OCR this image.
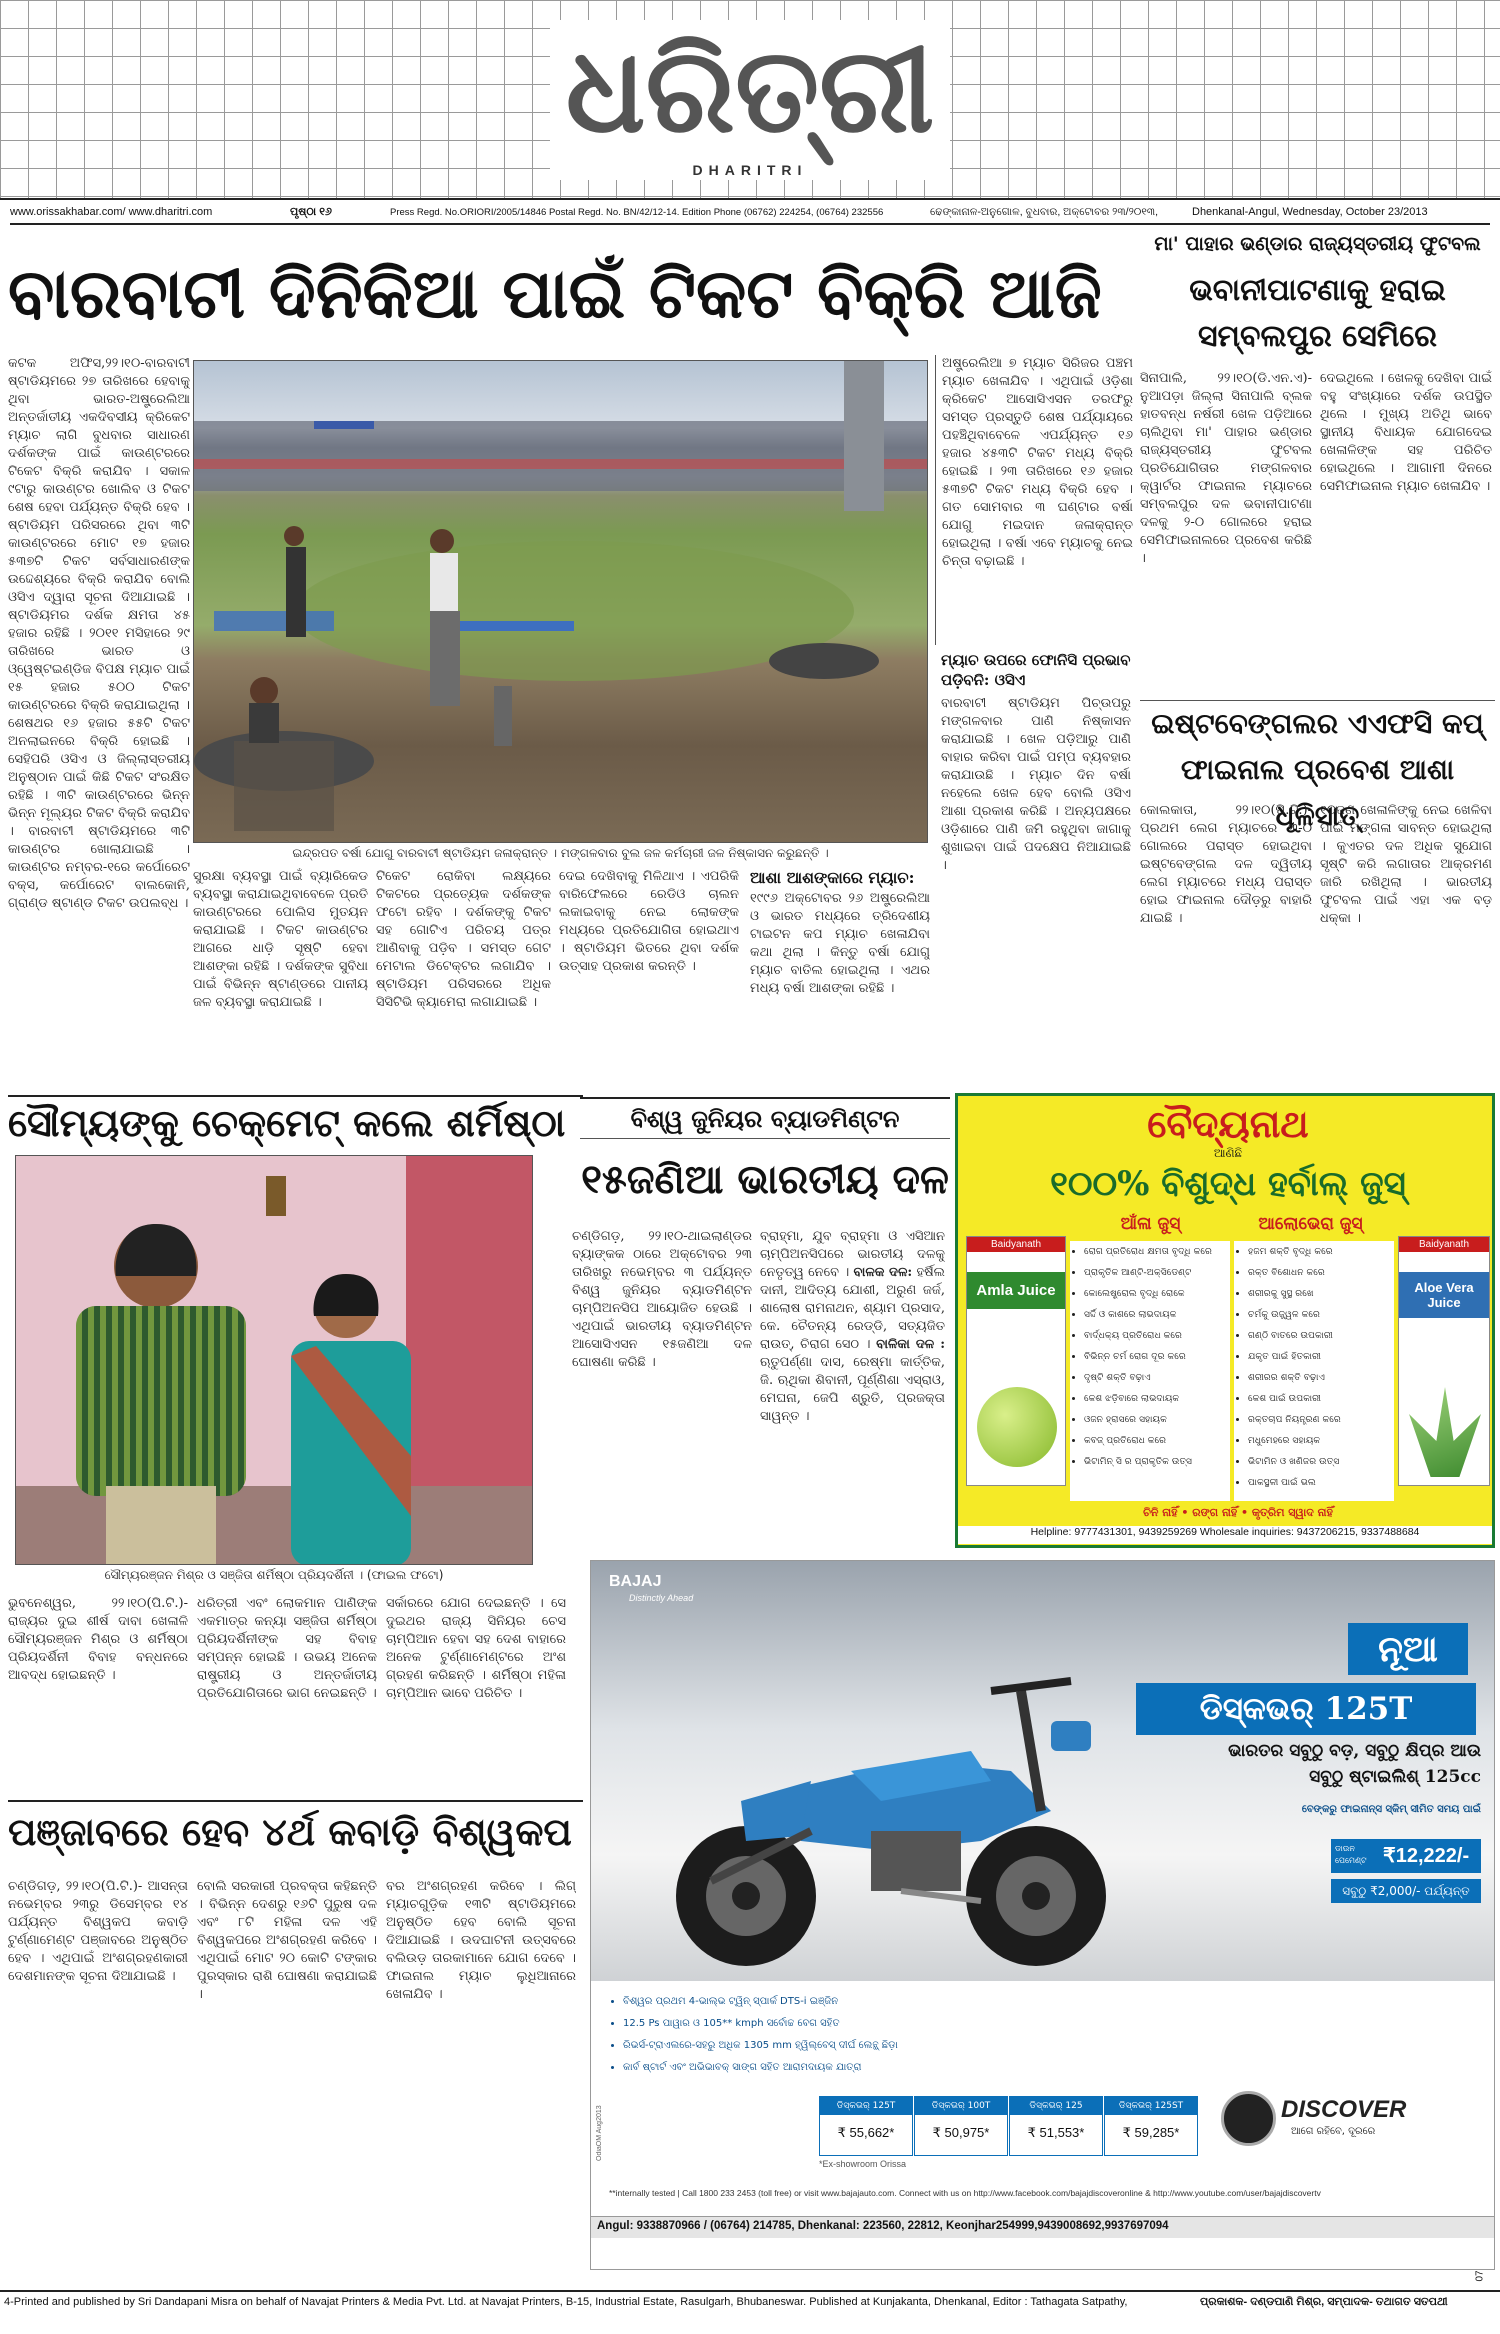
ଧରିତ୍ରୀ
DHARITRI
www.orissakhabar.com/ www.dharitri.com	ପୃଷ୍ଠା ୧୬	Press Regd. No.ORIORI/2005/14846 Postal Regd. No. BN/42/12-14. Edition Phone (06762) 224254, (06764) 232556	ଢେଙ୍କାନାଳ-ଅନୁଗୋଳ, ବୁଧବାର, ଅକ୍ଟୋବର ୨୩/୨୦୧୩,	Dhenkanal-Angul, Wednesday, October 23/2013
ବାରବାଟୀ ଦିନିକିଆ ପାଇଁ ଟିକଟ ବିକ୍ରି ଆଜି
କଟକ ଅଫିସ,୨୨।୧୦-ବାରବାଟୀ ଷ୍ଟାଡିୟମରେ ୨୭ ତାରିଖରେ ହେବାକୁ ଥିବା ଭାରତ-ଅଷ୍ଟ୍ରେଲିଆ ଅନ୍ତର୍ଜାତୀୟ ଏକଦିବସୀୟ କ୍ରିକେଟ ମ୍ୟାଚ ଲାଗି ବୁଧବାର ସାଧାରଣ ଦର୍ଶକଙ୍କ ପାଇଁ କାଉଣ୍ଟରରେ ଟିକେଟ ବିକ୍ରି କରାଯିବ । ସକାଳ ୯ଟାରୁ କାଉଣ୍ଟର ଖୋଲିବ ଓ ଟିକଟ ଶେଷ ହେବା ପର୍ଯ୍ୟନ୍ତ ବିକ୍ରି ହେବ । ଷ୍ଟାଡିୟମ ପରିସରରେ ଥିବା ୩ଟି କାଉଣ୍ଟରରେ ମୋଟ ୧୭ ହଜାର ୫୩୭ଟି ଟିକଟ ସର୍ବସାଧାରଣଙ୍କ ଉଦ୍ଦେଶ୍ୟରେ ବିକ୍ରି କରାଯିବ ବୋଲି ଓସିଏ ଦ୍ୱାରା ସୂଚନା ଦିଆଯାଇଛି । ଷ୍ଟାଡିୟମର ଦର୍ଶକ କ୍ଷମତା ୪୫ ହଜାର ରହିଛି । ୨୦୧୧ ମସିହାରେ ୨୯ ତାରିଖରେ ଭାରତ ଓ ଓ୍ୱେଷ୍ଟଇଣ୍ଡିଜ ବିପକ୍ଷ ମ୍ୟାଚ ପାଇଁ ୧୫ ହଜାର ୫୦୦ ଟିକଟ କାଉଣ୍ଟରରେ ବିକ୍ରି କରାଯାଇଥିଲା । ଶେଷଥର ୧୬ ହଜାର ୫୫ଟି ଟିକଟ ଅନଲାଇନରେ ବିକ୍ରି ହୋଇଛି । ସେହିପରି ଓସିଏ ଓ ଜିଲ୍ଲାସ୍ତରୀୟ ଅନୁଷ୍ଠାନ ପାଇଁ କିଛି ଟିକଟ ସଂରକ୍ଷିତ ରହିଛି । ୩ଟି କାଉଣ୍ଟରରେ ଭିନ୍ନ ଭିନ୍ନ ମୂଲ୍ୟର ଟିକଟ ବିକ୍ରି କରାଯିବ । ବାରବାଟୀ ଷ୍ଟାଡିୟମରେ ୩ଟି କାଉଣ୍ଟର ଖୋଲାଯାଇଛି । କାଉଣ୍ଟର ନମ୍ବର-୧ରେ କର୍ପୋରେଟ ବକ୍ସ, କର୍ପୋରେଟ ବାଲକୋନି, ଗ୍ରାଣ୍ଡ ଷ୍ଟାଣ୍ଡ ଟିକଟ ଉପଲବ୍ଧ ।
ଇନ୍ଦ୍ରପତ ବର୍ଷା ଯୋଗୁ ବାରବାଟୀ ଷ୍ଟାଡିୟମ ଜଳାକ୍ରାନ୍ତ । ମଙ୍ଗଳବାର ବୁଲ ଜଳ କର୍ମଚାରୀ ଜଳ ନିଷ୍କାସନ କରୁଛନ୍ତି ।
ଅଷ୍ଟ୍ରେଲିଆ ୭ ମ୍ୟାଚ ସିରିଜର ପଞ୍ଚମ ମ୍ୟାଚ ଖେଳାଯିବ । ଏଥିପାଇଁ ଓଡ଼ିଶା କ୍ରିକେଟ ଆସୋସିଏସନ ତରଫରୁ ସମସ୍ତ ପ୍ରସ୍ତୁତି ଶେଷ ପର୍ଯ୍ୟାୟରେ ପହଞ୍ଚିଥିବାବେଳେ ଏପର୍ଯ୍ୟନ୍ତ ୧୬ ହଜାର ୪୫୩ଟି ଟିକଟ ମଧ୍ୟ ବିକ୍ରି ହୋଇଛି । ୨୩ ତାରିଖରେ ୧୬ ହଜାର ୫୩୭ଟି ଟିକଟ ମଧ୍ୟ ବିକ୍ରି ହେବ । ଗତ ସୋମବାର ୩ ଘଣ୍ଟାର ବର୍ଷା ଯୋଗୁ ମଇଦାନ ଜଳାକ୍ରାନ୍ତ ହୋଇଥିଲା । ବର୍ଷା ଏବେ ମ୍ୟାଚକୁ ନେଇ ଚିନ୍ତା ବଢ଼ାଇଛି ।
ମ୍ୟାଚ ଉପରେ ଫୋନିସି ପ୍ରଭାବ ପଡ଼ିବନି: ଓସିଏ
ବାରବାଟୀ ଷ୍ଟାଡିୟମ ପିଚ୍‌ଉପରୁ ମଙ୍ଗଳବାର ପାଣି ନିଷ୍କାସନ କରାଯାଇଛି । ଖେଳ ପଡ଼ିଆରୁ ପାଣି ବାହାର କରିବା ପାଇଁ ପମ୍ପ ବ୍ୟବହାର କରାଯାଉଛି । ମ୍ୟାଚ ଦିନ ବର୍ଷା ନହେଲେ ଖେଳ ହେବ ବୋଲି ଓସିଏ ଆଶା ପ୍ରକାଶ କରିଛି । ଅନ୍ୟପକ୍ଷରେ ଓଡ଼ିଶାରେ ପାଣି ଜମି ରହୁଥିବା ଜାଗାକୁ ଶୁଖାଇବା ପାଇଁ ପଦକ୍ଷେପ ନିଆଯାଇଛି ।
ସୁରକ୍ଷା ବ୍ୟବସ୍ଥା ପାଇଁ ବ୍ୟାରିକେଡ ବ୍ୟବସ୍ଥା କରାଯାଇଥିବାବେଳେ ପ୍ରତି କାଉଣ୍ଟରରେ ପୋଲିସ ମୁତୟନ କରାଯାଇଛି । ଟିକଟ କାଉଣ୍ଟର ଆଗରେ ଧାଡ଼ି ସୃଷ୍ଟି ହେବା ଆଶଙ୍କା ରହିଛି । ଦର୍ଶକଙ୍କ ସୁବିଧା ପାଇଁ ବିଭିନ୍ନ ଷ୍ଟାଣ୍ଡରେ ପାନୀୟ ଜଳ ବ୍ୟବସ୍ଥା କରାଯାଇଛି ।
ଟିକେଟ ରୋକିବା ଲକ୍ଷ୍ୟରେ ଟିକଟରେ ପ୍ରତ୍ୟେକ ଦର୍ଶକଙ୍କ ଫଟୋ ରହିବ । ଦର୍ଶକଙ୍କୁ ଟିକଟ ସହ ଗୋଟିଏ ପରିଚୟ ପତ୍ର ଆଣିବାକୁ ପଡ଼ିବ । ସମସ୍ତ ଗେଟ ମେଟାଲ ଡିଟେକ୍ଟର ଲଗାଯିବ । ଷ୍ଟାଡିୟମ ପରିସରରେ ଅଧିକ ସିସିଟିଭି କ୍ୟାମେରା ଲଗାଯାଇଛି ।
ଦେଇ ଦେଖିବାକୁ ମିଳିଥାଏ । ଏପରିକି ବାରିଫେଲରେ ରେଡିଓ ଚାଲନ ଲକାଇବାକୁ ନେଇ ଲୋକଙ୍କ ମଧ୍ୟରେ ପ୍ରତିଯୋଗିତା ହୋଇଥାଏ । ଷ୍ଟାଡିୟମ ଭିତରେ ଥିବା ଦର୍ଶକ ଉତ୍ସାହ ପ୍ରକାଶ କରନ୍ତି ।
ଆଶା ଆଶଙ୍କାରେ ମ୍ୟାଚ:
୧୯୯୬ ଅକ୍ଟୋବର ୨୬ ଅଷ୍ଟ୍ରେଲିଆ ଓ ଭାରତ ମଧ୍ୟରେ ତ୍ରିଦେଶୀୟ ଟାଇଟନ କପ ମ୍ୟାଚ ଖେଳାଯିବା କଥା ଥିଲା । କିନ୍ତୁ ବର୍ଷା ଯୋଗୁ ମ୍ୟାଚ ବାତିଲ ହୋଇଥିଲା । ଏଥର ମଧ୍ୟ ବର୍ଷା ଆଶଙ୍କା ରହିଛି ।
ମା' ପାହାର ଭଣ୍ଡାର ରାଜ୍ୟସ୍ତରୀୟ ଫୁଟବଲ
ଭବାନୀପାଟଣାକୁ ହରାଇ ସମ୍ବଲପୁର ସେମିରେ
ସିନାପାଲି, ୨୨।୧୦(ଡି.ଏନ.ଏ)- ନୁଆପଡ଼ା ଜିଲ୍ଲା ସିନାପାଲି ବ୍ଲକ ହାତବନ୍ଧ ନର୍ଷରୀ ଖେଳ ପଡ଼ିଆରେ ଚାଲିଥିବା ମା' ପାହାର ଭଣ୍ଡାର ରାଜ୍ୟସ୍ତରୀୟ ଫୁଟବଲ ପ୍ରତିଯୋଗିତାର ମଙ୍ଗଳବାର କ୍ୱାର୍ଟର ଫାଇନାଲ ମ୍ୟାଚରେ ସମ୍ବଲପୁର ଦଳ ଭବାନୀପାଟଣା ଦଳକୁ ୨-୦ ଗୋଲରେ ହରାଇ ସେମିଫାଇନାଲରେ ପ୍ରବେଶ କରିଛି ।
ଦେଇଥିଲେ । ଖେଳକୁ ଦେଖିବା ପାଇଁ ବହୁ ସଂଖ୍ୟାରେ ଦର୍ଶକ ଉପସ୍ଥିତ ଥିଲେ । ମୁଖ୍ୟ ଅତିଥି ଭାବେ ସ୍ଥାନୀୟ ବିଧାୟକ ଯୋଗଦେଇ ଖେଳାଳିଙ୍କ ସହ ପରିଚିତ ହୋଇଥିଲେ । ଆଗାମୀ ଦିନରେ ସେମିଫାଇନାଲ ମ୍ୟାଚ ଖେଳାଯିବ ।
ଇଷ୍ଟବେଙ୍ଗଲର ଏଏଫସି କପ୍ ଫାଇନାଲ ପ୍ରବେଶ ଆଶା ଧୂଳିସାତ୍
କୋଲକାତା, ୨୨।୧୦(ପି.ଟି.)-ପ୍ରଥମ ଲେଗ ମ୍ୟାଚରେ ୩-୦ ଗୋଲରେ ପରାସ୍ତ ହୋଇଥିବା ଇଷ୍ଟବେଙ୍ଗଲ ଦଳ ଦ୍ୱିତୀୟ ଲେଗ ମ୍ୟାଚରେ ମଧ୍ୟ ପରାସ୍ତ ହୋଇ ଫାଇନାଲ ଦୌଡ଼ରୁ ବାହାରି ଯାଇଛି ।
୧୦ଜଣ ଖେଳାଳିଙ୍କୁ ନେଇ ଖେଳିବା ପାଇଁ ମଙ୍ଗଳା ସାବନ୍ତ ହୋଇଥିଲା । କୁଏତର ଦଳ ଅଧିକ ସୁଯୋଗ ସୃଷ୍ଟି କରି ଲଗାତାର ଆକ୍ରମଣ ଜାରି ରଖିଥିଲା । ଭାରତୀୟ ଫୁଟବଲ ପାଇଁ ଏହା ଏକ ବଡ଼ ଧକ୍କା ।
ସୌମ୍ୟଙ୍କୁ ଚେକ୍‌ମେଟ୍ କଲେ ଶର୍ମିଷ୍ଠା
ସୌମ୍ୟରଞ୍ଜନ ମିଶ୍ର ଓ ସଞ୍ଜିତା ଶର୍ମିଷ୍ଠା ପ୍ରିୟଦର୍ଶିନୀ । (ଫାଇଲ ଫଟୋ)
ଭୁବନେଶ୍ୱର, ୨୨।୧୦(ପି.ଟି.)- ରାଜ୍ୟର ଦୁଇ ଶୀର୍ଷ ଦାବା ଖେଳାଳି ସୌମ୍ୟରଞ୍ଜନ ମିଶ୍ର ଓ ଶର୍ମିଷ୍ଠା ପ୍ରିୟଦର୍ଶିନୀ ବିବାହ ବନ୍ଧନରେ ଆବଦ୍ଧ ହୋଇଛନ୍ତି ।
ଧରିତ୍ରୀ ଏବଂ ଲୋକମାନ ପାଣିଙ୍କ ଏକମାତ୍ର କନ୍ୟା ସଞ୍ଜିତା ଶର୍ମିଷ୍ଠା ପ୍ରିୟଦର୍ଶିନୀଙ୍କ ସହ ବିବାହ ସମ୍ପନ୍ନ ହୋଇଛି । ଉଭୟ ଅନେକ ରାଷ୍ଟ୍ରୀୟ ଓ ଅନ୍ତର୍ଜାତୀୟ ପ୍ରତିଯୋଗିତାରେ ଭାଗ ନେଇଛନ୍ତି ।
ସର୍କାରରେ ଯୋଗ ଦେଇଛନ୍ତି । ସେ ଦୁଇଥର ରାଜ୍ୟ ସିନିୟର ଚେସ ଚାମ୍ପିଆନ ହେବା ସହ ଦେଶ ବାହାରେ ଅନେକ ଟୁର୍ଣ୍ଣାମେଣ୍ଟରେ ଅଂଶ ଗ୍ରହଣ କରିଛନ୍ତି । ଶର୍ମିଷ୍ଠା ମହିଳା ଚାମ୍ପିଆନ ଭାବେ ପରିଚିତ ।
ବିଶ୍ୱ ଜୁନିୟର ବ୍ୟାଡମିଣ୍ଟନ
୧୫ଜଣିଆ ଭାରତୀୟ ଦଳ
ଚଣ୍ଡିଗଡ଼, ୨୨।୧୦-ଥାଇଲାଣ୍ଡର ବ୍ୟାଙ୍କକ ଠାରେ ଅକ୍ଟୋବର ୨୩ ତାରିଖରୁ ନଭେମ୍ବର ୩ ପର୍ଯ୍ୟନ୍ତ ବିଶ୍ୱ ଜୁନିୟର ବ୍ୟାଡମିଣ୍ଟନ ଚାମ୍ପିଅନସିପ ଆୟୋଜିତ ହେଉଛି । ଏଥିପାଇଁ ଭାରତୀୟ ବ୍ୟାଡମିଣ୍ଟନ ଆସୋସିଏସନ ୧୫ଜଣିଆ ଦଳ ଘୋଷଣା କରିଛି ।
ବ୍ରାହ୍ମା, ଯୁବ ବ୍ରାହ୍ମା ଓ ଏସିଆନ ଚାମ୍ପିଅନସିପରେ ଭାରତୀୟ ଦଳକୁ ନେତୃତ୍ୱ ନେବେ । ବାଳକ ଦଳ: ହର୍ଷିଲ ଦାନୀ, ଆଦିତ୍ୟ ଯୋଶୀ, ଅରୁଣ ଜର୍ଜ, ଶାଲୋଷ ରାମନାଥନ, ଶ୍ୟାମ ପ୍ରସାଦ, କେ. ଚୈତନ୍ୟ ରେଡ୍ଡି, ସତ୍ୟଜିତ ରାଉତ୍, ଚିରାଗ ସେଠ । ବାଳିକା ଦଳ : ଋତୁପର୍ଣ୍ଣା ଦାସ, ରେଷ୍ମା କାର୍ତ୍ତିକ, ଜି. ଋଥିକା ଶିବାନୀ, ପୂର୍ଣ୍ଣିଶା ଏସ୍‌ରାଓ, ମେଘନା, ଜେପି ଶ୍ରୁତି, ପ୍ରଜକ୍ତା ସାୱନ୍ତ ।
ବୈଦ୍ୟନାଥ
ଆଣିଛି
୧୦୦% ବିଶୁଦ୍ଧ ହର୍ବାଲ୍ ଜୁସ୍
Baidyanath
Amla Juice
ଆଁଳା ଜୁସ୍
• ରୋଗ ପ୍ରତିରୋଧ କ୍ଷମତା ବୃଦ୍ଧି କରେ
• ପ୍ରାକୃତିକ ଆଣ୍ଟି-ଅକ୍ସିଡେଣ୍ଟ
• କୋଲେଷ୍ଟ୍ରୋଲ ବୃଦ୍ଧି ରୋକେ
• ସର୍ଦ୍ଦି ଓ କାଶରେ ଲାଭଦାୟକ
• ବାର୍ଦ୍ଧକ୍ୟ ପ୍ରତିରୋଧ କରେ
• ବିଭିନ୍ନ ଚର୍ମ ରୋଗ ଦୂର କରେ
• ଦୃଷ୍ଟି ଶକ୍ତି ବଢ଼ାଏ
• କେଶ ଝଡ଼ିବାରେ ଲାଭଦାୟକ
• ଓଜନ ହ୍ରାସରେ ସହାୟକ
• କବଜ୍ ପ୍ରତିରୋଧ କରେ
• ଭିଟାମିନ୍ ସି ର ପ୍ରାକୃତିକ ଉତ୍ସ
ଆଲୋଭେରା ଜୁସ୍
• ହଜମ ଶକ୍ତି ବୃଦ୍ଧି କରେ
• ରକ୍ତ ବିଶୋଧନ କରେ
• ଶରୀରକୁ ସୁସ୍ଥ ରଖେ
• ଚର୍ମକୁ ଉଜ୍ଜ୍ୱଳ କରେ
• ଗଣ୍ଠି ବାତରେ ଉପକାରୀ
• ଯକୃତ ପାଇଁ ହିତକାରୀ
• ଶରୀରର ଶକ୍ତି ବଢ଼ାଏ
• କେଶ ପାଇଁ ଉପକାରୀ
• ରକ୍ତଚାପ ନିୟନ୍ତ୍ରଣ କରେ
• ମଧୁମେହରେ ସହାୟକ
• ଭିଟାମିନ ଓ ଖଣିଜର ଉତ୍ସ
• ପାକସ୍ଥଳୀ ପାଇଁ ଭଲ
Baidyanath
Aloe Vera Juice
ଚିନି ନାହିଁ • ରଙ୍ଗ ନାହିଁ • କୃତ୍ରିମ ସ୍ୱାଦ ନାହିଁ
Helpline: 9777431301, 9439259269 Wholesale inquiries: 9437206215, 9337488684
ପଞ୍ଜାବରେ ହେବ ୪ର୍ଥ କବାଡ଼ି ବିଶ୍ୱକପ
ଚଣ୍ଡିଗଡ଼, ୨୨।୧୦(ପି.ଟି.)- ଆସନ୍ତା ନଭେମ୍ବର ୨୩ରୁ ଡିସେମ୍ବର ୧୪ ପର୍ଯ୍ୟନ୍ତ ବିଶ୍ୱକପ କବାଡ଼ି ଟୁର୍ଣ୍ଣାମେଣ୍ଟ ପଞ୍ଜାବରେ ଅନୁଷ୍ଠିତ ହେବ । ଏଥିପାଇଁ ଅଂଶଗ୍ରହଣକାରୀ ଦେଶମାନଙ୍କ ସୂଚନା ଦିଆଯାଇଛି ।
ବୋଲି ସରକାରୀ ପ୍ରବକ୍ତା କହିଛନ୍ତି । ବିଭିନ୍ନ ଦେଶରୁ ୧୬ଟି ପୁରୁଷ ଦଳ ଏବଂ ୮ଟି ମହିଳା ଦଳ ଏହି ବିଶ୍ୱକପରେ ଅଂଶଗ୍ରହଣ କରିବେ । ଏଥିପାଇଁ ମୋଟ ୨୦ କୋଟି ଟଙ୍କାର ପୁରସ୍କାର ରାଶି ଘୋଷଣା କରାଯାଇଛି ।
ବର ଅଂଶଗ୍ରହଣ କରିବେ । ଲିଗ୍ ମ୍ୟାଚଗୁଡ଼ିକ ୧୩ଟି ଷ୍ଟାଡିୟମରେ ଅନୁଷ୍ଠିତ ହେବ ବୋଲି ସୂଚନା ଦିଆଯାଇଛି । ଉଦଘାଟନୀ ଉତ୍ସବରେ ବଲିଉଡ଼ ତାରକାମାନେ ଯୋଗ ଦେବେ । ଫାଇନାଲ ମ୍ୟାଚ ଲୁଧିଆନାରେ ଖେଳାଯିବ ।
BAJAJ
Distinctly Ahead
ନୂଆ
ଡିସ୍‌କଭର୍ 125T
ଭାରତର ସବୁଠୁ ବଡ଼, ସବୁଠୁ କ୍ଷିପ୍ର ଆଉ
ସବୁଠୁ ଷ୍ଟାଇଲିଶ୍ 125cc
ବେଙ୍କରୁ ଫାଇନାନ୍ସ ସ୍କିମ୍ ସୀମିତ ସମୟ ପାଇଁ
ଡାଉନ ପେମେଣ୍ଟ ₹12,222/-
ସବୁଠୁ ₹2,000/- ପର୍ଯ୍ୟନ୍ତ
• ବିଶ୍ୱର ପ୍ରଥମ 4-ଭାଲ୍ଭ ଟ୍ୱିନ୍ ସ୍ପାର୍କ DTS-i ଇଞ୍ଜିନ
• 12.5 Ps ପାୱାର ଓ 105** kmph ସର୍ବୋଚ୍ଚ ବେଗ ସହିତ
• ରିଭର୍ସ-ଟ୍ରାଏଲରେ-ସହରୁ ଅଧିକ 1305 mm ହ୍ୱିଲ୍‌ବେସ୍ ଦୀର୍ଘ ଲେନ୍ଥ୍ ଛିଡ଼ା
• କାର୍ବ ଷ୍ଟାର୍ଟ ଏବଂ ଅଭିଭାବକ୍ ସାଙ୍ଗ ସହିତ ଆରାମଦାୟକ ଯାତ୍ରା
ଡିସ୍‌କଭର୍ 125T
₹ 55,662*
ଡିସ୍‌କଭର୍ 100T
₹ 50,975*
ଡିସ୍‌କଭର୍ 125
₹ 51,553*
ଡିସ୍‌କଭର୍ 125ST
₹ 59,285*
*Ex-showroom Orissa
DISCOVER
ଆଗେ ରହିବେ, ଦୂରରେ
**internally tested | Call 1800 233 2453 (toll free) or visit www.bajajauto.com. Connect with us on http://www.facebook.com/bajajdiscoveronline & http://www.youtube.com/user/bajajdiscovertv
Angul: 9338870966 / (06764) 214785, Dhenkanal: 223560, 22812, Keonjhar254999,9439008692,9937697094
OdiaOM Aug2013
4-Printed and published by Sri Dandapani Misra on behalf of Navajat Printers & Media Pvt. Ltd. at Navajat Printers, B-15, Industrial Estate, Rasulgarh, Bhubaneswar. Published at Kunjakanta, Dhenkanal, Editor : Tathagata Satpathy,	ପ୍ରକାଶକ- ଦଣ୍ଡପାଣି ମିଶ୍ର, ସମ୍ପାଦକ- ତଥାଗତ ସତପଥୀ
07
